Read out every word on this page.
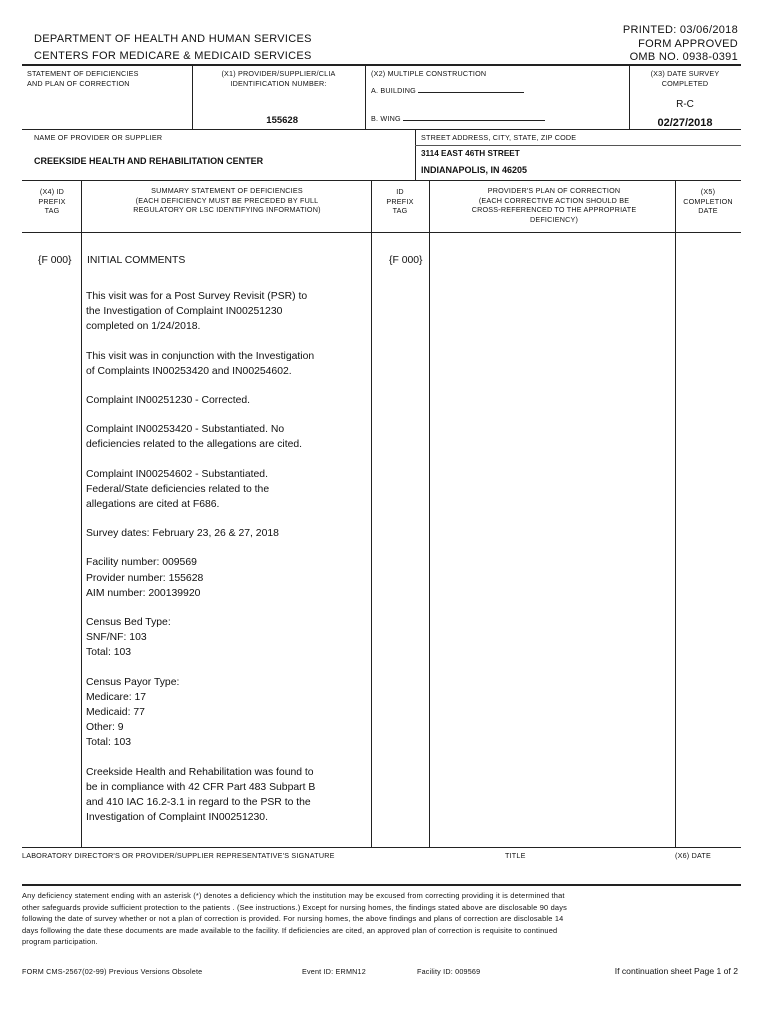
DEPARTMENT OF HEALTH AND HUMAN SERVICES
CENTERS FOR MEDICARE & MEDICAID SERVICES
PRINTED: 03/06/2018
FORM APPROVED
OMB NO. 0938-0391
STATEMENT OF DEFICIENCIES
AND PLAN OF CORRECTION
(X1) PROVIDER/SUPPLIER/CLIA
IDENTIFICATION NUMBER:
155628
(X2) MULTIPLE CONSTRUCTION
A. BUILDING
B. WING
(X3) DATE SURVEY
COMPLETED
R-C
02/27/2018
NAME OF PROVIDER OR SUPPLIER
CREEKSIDE HEALTH AND REHABILITATION CENTER
STREET ADDRESS, CITY, STATE, ZIP CODE
3114 EAST 46TH STREET
INDIANAPOLIS, IN 46205
(X4) ID
PREFIX
TAG
SUMMARY STATEMENT OF DEFICIENCIES
(EACH DEFICIENCY MUST BE PRECEDED BY FULL
REGULATORY OR LSC IDENTIFYING INFORMATION)
ID
PREFIX
TAG
PROVIDER'S PLAN OF CORRECTION
(EACH CORRECTIVE ACTION SHOULD BE
CROSS-REFERENCED TO THE APPROPRIATE
DEFICIENCY)
(X5)
COMPLETION
DATE
{F 000} INITIAL COMMENTS	{F 000}

This visit was for a Post Survey Revisit (PSR) to
the Investigation of Complaint IN00251230
completed on 1/24/2018.

This visit was in conjunction with the Investigation
of Complaints IN00253420 and IN00254602.

Complaint IN00251230 - Corrected.

Complaint IN00253420 - Substantiated. No
deficiencies related to the allegations are cited.

Complaint IN00254602 - Substantiated.
Federal/State deficiencies related to the
allegations are cited at F686.

Survey dates: February 23, 26 & 27, 2018

Facility number: 009569
Provider number: 155628
AIM number: 200139920

Census Bed Type:
SNF/NF: 103
Total: 103

Census Payor Type:
Medicare: 17
Medicaid: 77
Other: 9
Total: 103

Creekside Health and Rehabilitation was found to
be in compliance with 42 CFR Part 483 Subpart B
and 410 IAC 16.2-3.1 in regard to the PSR to the
Investigation of Complaint IN00251230.

LABORATORY DIRECTOR'S OR PROVIDER/SUPPLIER REPRESENTATIVE'S SIGNATURE	TITLE	(X6) DATE
Any deficiency statement ending with an asterisk (*) denotes a deficiency which the institution may be excused from correcting providing it is determined that
other safeguards provide sufficient protection to the patients . (See instructions.) Except for nursing homes, the findings stated above are disclosable 90 days
following the date of survey whether or not a plan of correction is provided. For nursing homes, the above findings and plans of correction are disclosable 14
days following the date these documents are made available to the facility. If deficiencies are cited, an approved plan of correction is requisite to continued
program participation.
FORM CMS-2567(02-99) Previous Versions Obsolete	Event ID: ERMN12	Facility ID: 009569	If continuation sheet Page 1 of 2
